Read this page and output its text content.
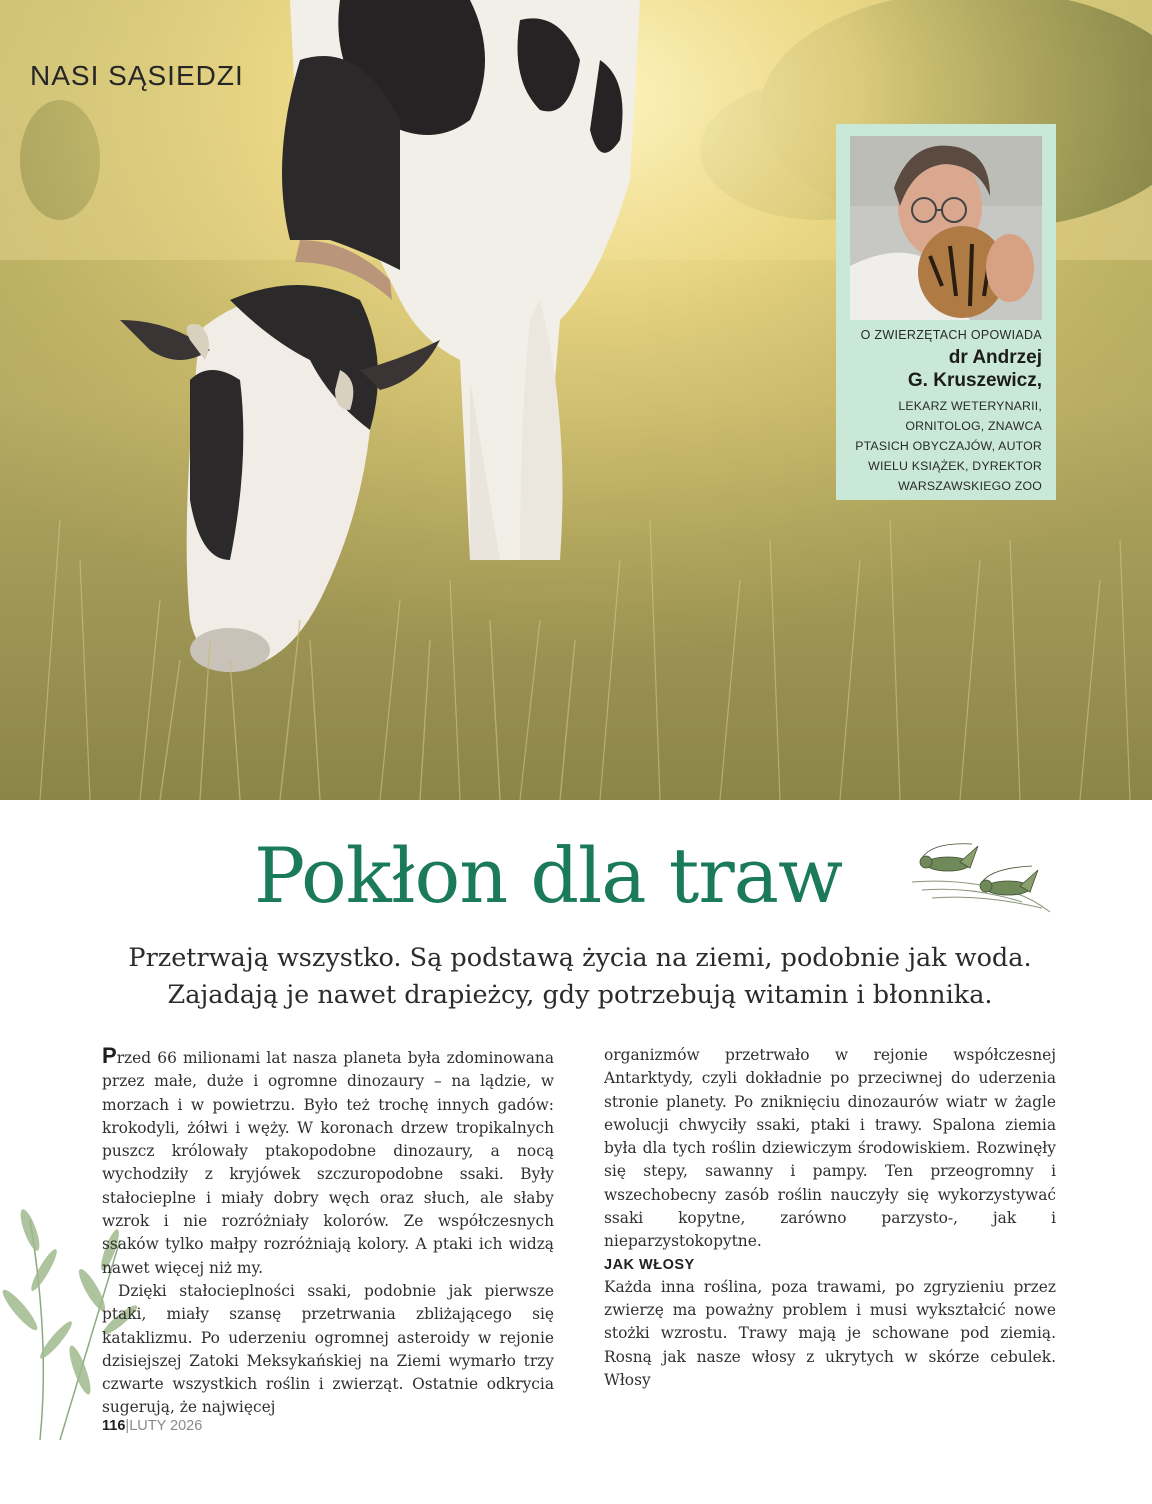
NASI SĄSIEDZI
O ZWIERZĘTACH OPOWIADA
dr Andrzej
G. Kruszewicz,
LEKARZ WETERYNARII,
ORNITOLOG, ZNAWCA
PTASICH OBYCZAJÓW, AUTOR
WIELU KSIĄŻEK, DYREKTOR
WARSZAWSKIEGO ZOO
Pokłon dla traw
Przetrwają wszystko. Są podstawą życia na ziemi, podobnie jak woda.
Zajadają je nawet drapieżcy, gdy potrzebują witamin i błonnika.

Przed 66 milionami lat nasza planeta była zdominowana przez małe, duże i ogromne dinozaury – na lądzie, w morzach i w powietrzu. Było też trochę innych gadów: krokodyli, żółwi i węży. W koronach drzew tropikalnych puszcz królowały ptakopodobne dinozaury, a nocą wychodziły z kryjówek szczuropodobne ssaki. Były stałocieplne i miały dobry węch oraz słuch, ale słaby wzrok i nie rozróżniały kolorów. Ze współczesnych ssaków tylko małpy rozróżniają kolory. A ptaki ich widzą nawet więcej niż my.

Dzięki stałocieplności ssaki, podobnie jak pierwsze ptaki, miały szansę przetrwania zbliżającego się kataklizmu. Po uderzeniu ogromnej asteroidy w rejonie dzisiejszej Zatoki Meksykańskiej na Ziemi wymarło trzy czwarte wszystkich roślin i zwierząt. Ostatnie odkrycia sugerują, że najwięcej

organizmów przetrwało w rejonie współczesnej Antarktydy, czyli dokładnie po przeciwnej do uderzenia stronie planety. Po zniknięciu dinozaurów wiatr w żagle ewolucji chwyciły ssaki, ptaki i trawy. Spalona ziemia była dla tych roślin dziewiczym środowiskiem. Rozwinęły się stepy, sawanny i pampy. Ten przeogromny i wszechobecny zasób roślin nauczyły się wykorzystywać ssaki kopytne, zarówno parzysto-, jak i nieparzystokopytne.

JAK WŁOSY

Każda inna roślina, poza trawami, po zgryzieniu przez zwierzę ma poważny problem i musi wykształcić nowe stożki wzrostu. Trawy mają je schowane pod ziemią. Rosną jak nasze włosy z ukrytych w skórze cebulek. Włosy

116|LUTY 2026
